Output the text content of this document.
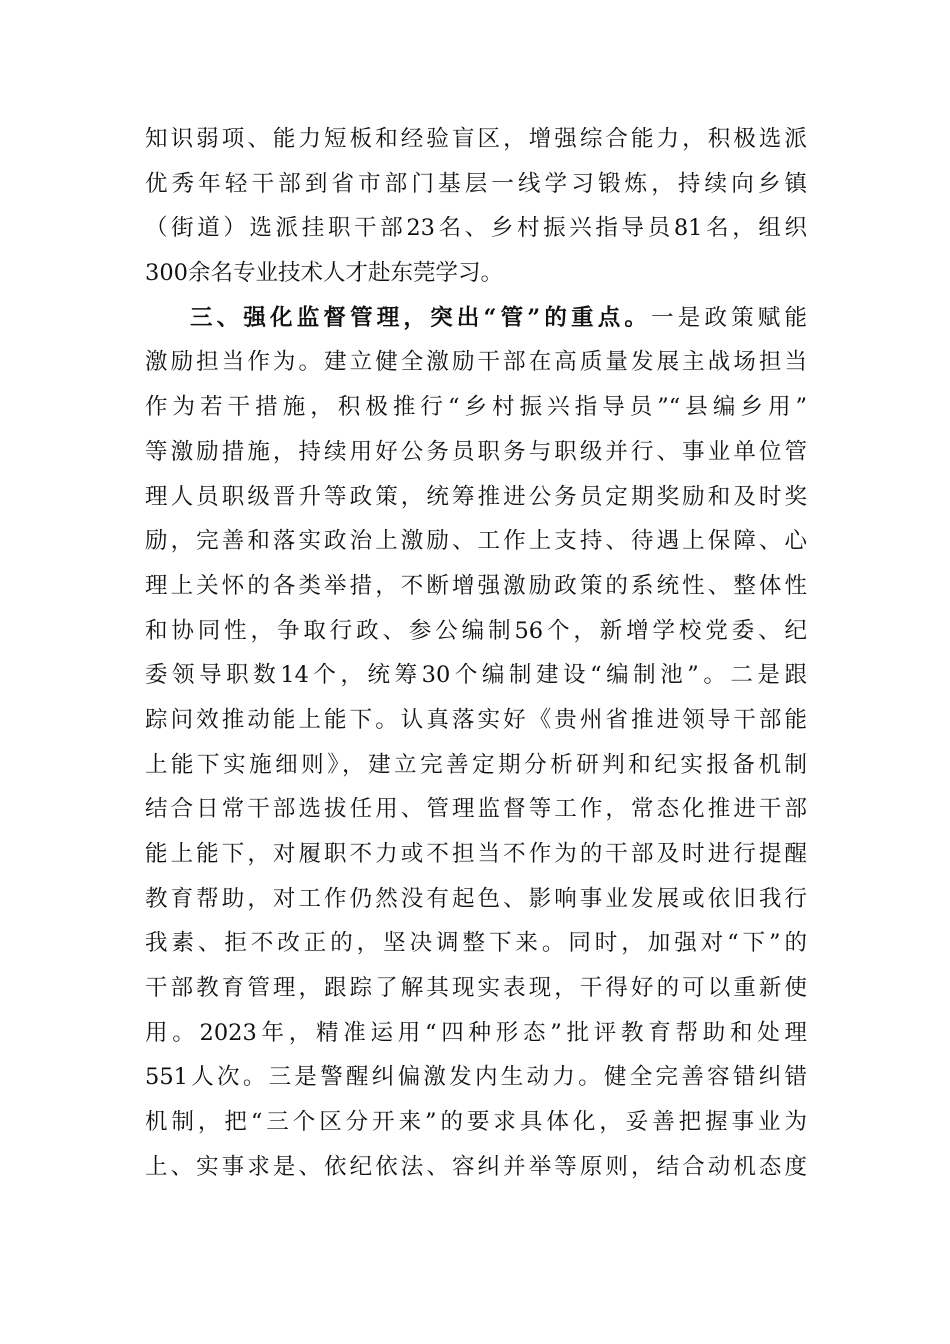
知识弱项、能力短板和经验盲区，增强综合能力，积极选派
优秀年轻干部到省市部门基层一线学习锻炼，持续向乡镇
（街道）选派挂职干部23名、乡村振兴指导员81名，组织
300余名专业技术人才赴东莞学习。
三、强化监督管理，突出“管”的重点。一是政策赋能
激励担当作为。建立健全激励干部在高质量发展主战场担当
作为若干措施，积极推行“乡村振兴指导员”“县编乡用”
等激励措施，持续用好公务员职务与职级并行、事业单位管
理人员职级晋升等政策，统筹推进公务员定期奖励和及时奖
励，完善和落实政治上激励、工作上支持、待遇上保障、心
理上关怀的各类举措，不断增强激励政策的系统性、整体性
和协同性，争取行政、参公编制56个，新增学校党委、纪
委领导职数14个，统筹30个编制建设“编制池”。二是跟
踪问效推动能上能下。认真落实好《贵州省推进领导干部能
上能下实施细则》，建立完善定期分析研判和纪实报备机制
结合日常干部选拔任用、管理监督等工作，常态化推进干部
能上能下，对履职不力或不担当不作为的干部及时进行提醒
教育帮助，对工作仍然没有起色、影响事业发展或依旧我行
我素、拒不改正的，坚决调整下来。同时，加强对“下”的
干部教育管理，跟踪了解其现实表现，干得好的可以重新使
用。2023年，精准运用“四种形态”批评教育帮助和处理
551人次。三是警醒纠偏激发内生动力。健全完善容错纠错
机制，把“三个区分开来”的要求具体化，妥善把握事业为
上、实事求是、依纪依法、容纠并举等原则，结合动机态度
